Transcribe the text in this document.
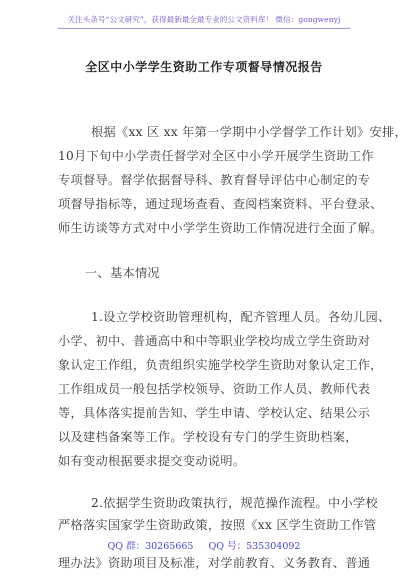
关注头条号“公文研究”，获得最新最全最专业的公文资料库！ 微信：gongwenyj
全区中小学学生资助工作专项督导情况报告
根据《xx 区 xx 年第一学期中小学督学工作计划》安排，
10月下旬中小学责任督学对全区中小学开展学生资助工作
专项督导。督学依据督导科、教育督导评估中心制定的专
项督导指标等，通过现场查看、查阅档案资料、平台登录、
师生访谈等方式对中小学学生资助工作情况进行全面了解。
一、基本情况
1.设立学校资助管理机构，配齐管理人员。各幼儿园、
小学、初中、普通高中和中等职业学校均成立学生资助对
象认定工作组，负责组织实施学校学生资助对象认定工作，
工作组成员一般包括学校领导、资助工作人员、教师代表
等，具体落实提前告知、学生申请、学校认定、结果公示
以及建档备案等工作。学校设有专门的学生资助档案，
如有变动根据要求提交变动说明。
2.依据学生资助政策执行，规范操作流程。中小学校
严格落实国家学生资助政策，按照《xx 区学生资助工作管
理办法》资助项目及标准，对学前教育、义务教育、普通
QQ 群：30265665 QQ 号：535304092
